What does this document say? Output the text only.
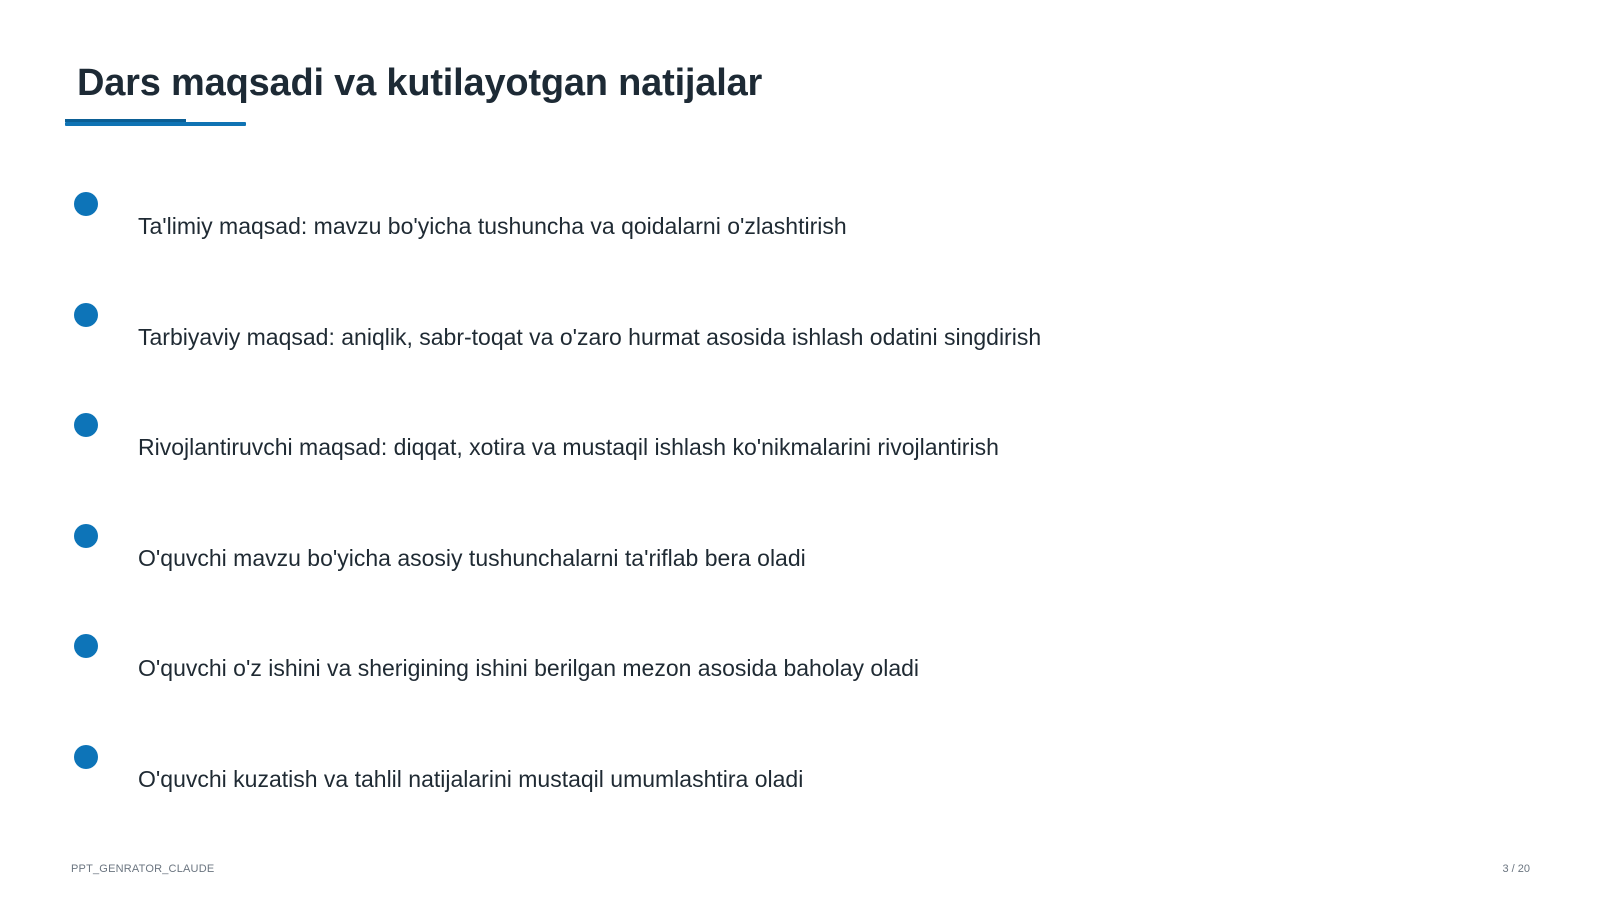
Dars maqsadi va kutilayotgan natijalar
Ta'limiy maqsad: mavzu bo'yicha tushuncha va qoidalarni o'zlashtirish
Tarbiyaviy maqsad: aniqlik, sabr-toqat va o'zaro hurmat asosida ishlash odatini singdirish
Rivojlantiruvchi maqsad: diqqat, xotira va mustaqil ishlash ko'nikmalarini rivojlantirish
O'quvchi mavzu bo'yicha asosiy tushunchalarni ta'riflab bera oladi
O'quvchi o'z ishini va sherigining ishini berilgan mezon asosida baholay oladi
O'quvchi kuzatish va tahlil natijalarini mustaqil umumlashtira oladi
PPT_GENRATOR_CLAUDE	3 / 20
